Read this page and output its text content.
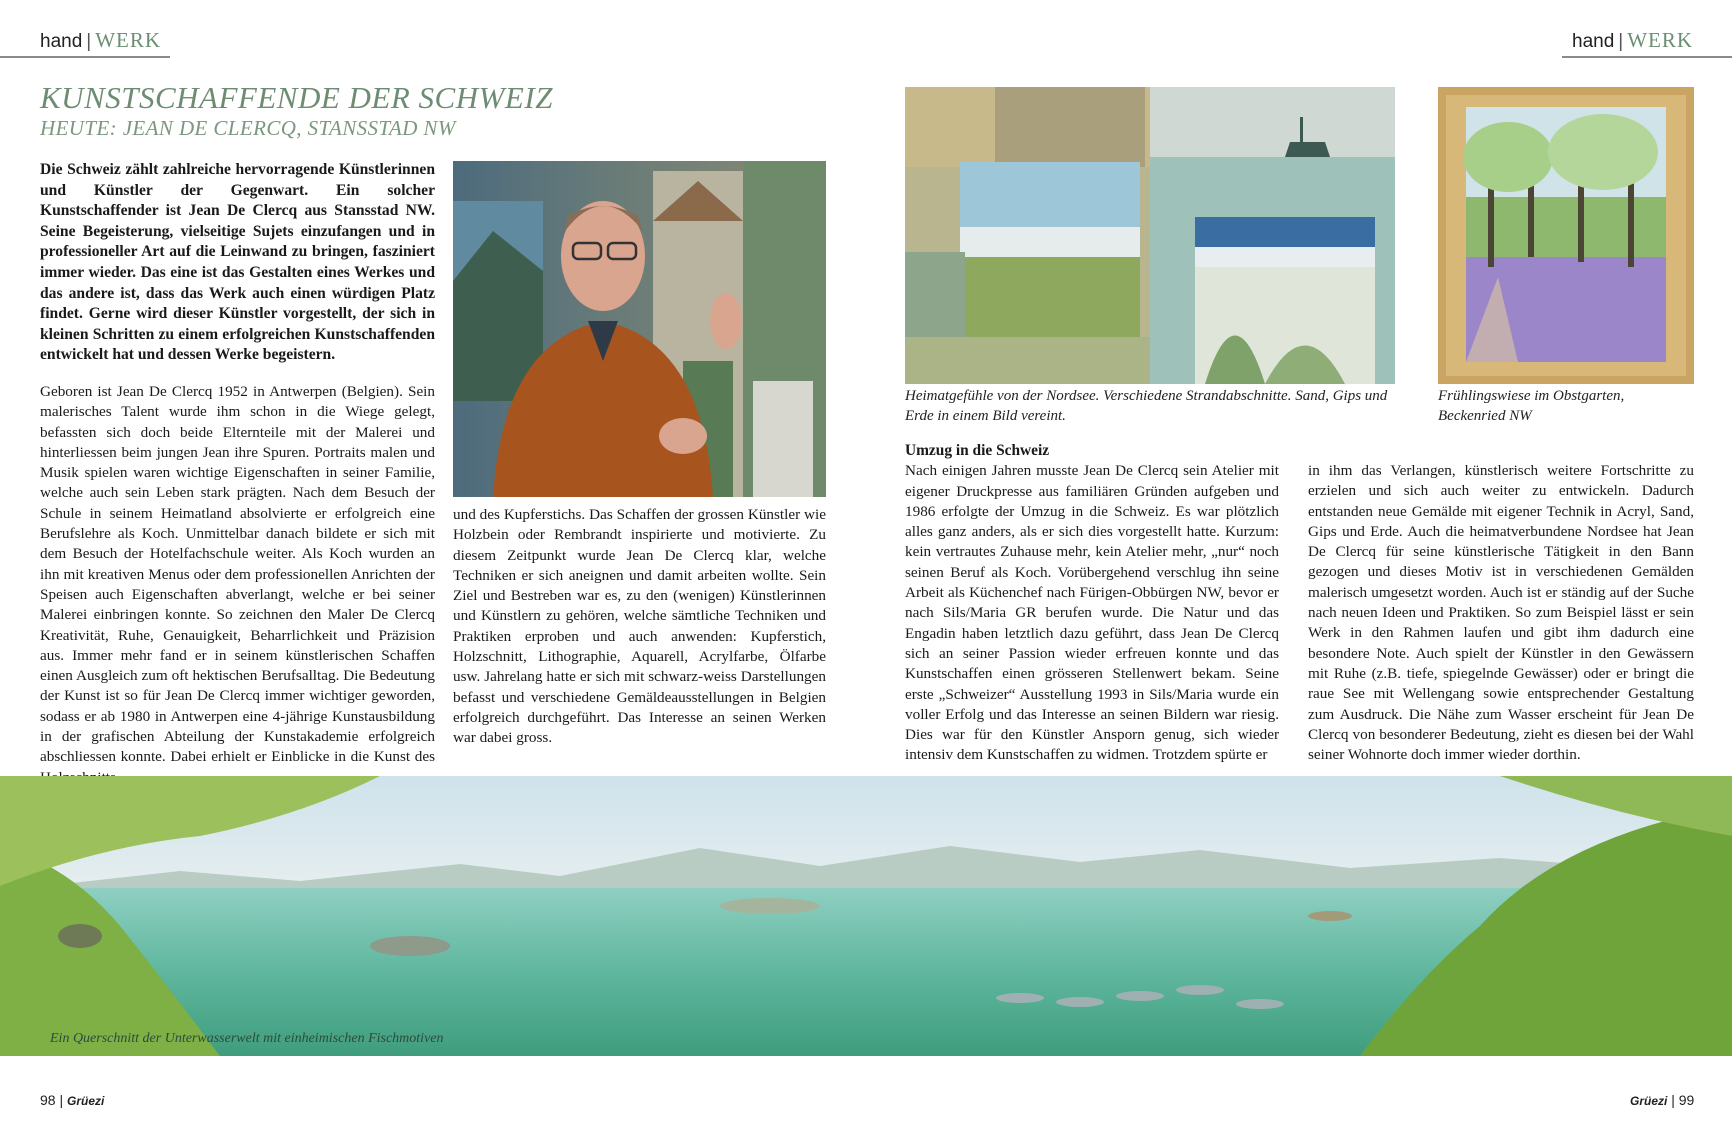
hand | WERK	hand | WERK
KUNSTSCHAFFENDE DER SCHWEIZ
HEUTE: JEAN DE CLERCQ, STANSSTAD NW
Die Schweiz zählt zahlreiche hervorragende Künstlerinnen und Künstler der Gegenwart. Ein solcher Kunstschaffender ist Jean De Clercq aus Stansstad NW. Seine Begeisterung, vielseitige Sujets einzufangen und in professioneller Art auf die Leinwand zu bringen, fasziniert immer wieder. Das eine ist das Gestalten eines Werkes und das andere ist, dass das Werk auch einen würdigen Platz findet. Gerne wird dieser Künstler vorgestellt, der sich in kleinen Schritten zu einem erfolgreichen Kunstschaffenden entwickelt hat und dessen Werke begeistern.
Geboren ist Jean De Clercq 1952 in Antwerpen (Belgien). Sein malerisches Talent wurde ihm schon in die Wiege gelegt, befassten sich doch beide Elternteile mit der Malerei und hinterliessen beim jungen Jean ihre Spuren. Portraits malen und Musik spielen waren wichtige Eigenschaften in seiner Familie, welche auch sein Leben stark prägten. Nach dem Besuch der Schule in seinem Heimatland absolvierte er erfolgreich eine Berufslehre als Koch. Unmittelbar danach bildete er sich mit dem Besuch der Hotelfachschule weiter. Als Koch wurden an ihn mit kreativen Menus oder dem professionellen Anrichten der Speisen auch Eigenschaften abverlangt, welche er bei seiner Malerei einbringen konnte. So zeichnen den Maler De Clercq Kreativität, Ruhe, Genauigkeit, Beharrlichkeit und Präzision aus. Immer mehr fand er in seinem künstlerischen Schaffen einen Ausgleich zum oft hektischen Berufsalltag. Die Bedeutung der Kunst ist so für Jean De Clercq immer wichtiger geworden, sodass er ab 1980 in Antwerpen eine 4-jährige Kunstausbildung in der grafischen Abteilung der Kunstakademie erfolgreich abschliessen konnte. Dabei erhielt er Einblicke in die Kunst des
und des Kupferstichs. Das Schaffen der grossen Künstler wie Holzbein oder Rembrandt inspirierte und motivierte. Zu diesem Zeitpunkt wurde Jean De Clercq klar, welche Techniken er sich aneignen und damit arbeiten wollte. Sein Ziel und Bestreben war es, zu den (wenigen) Künstlerinnen und Künstlern zu gehören, welche sämtliche Techniken und Praktiken erproben und auch anwenden: Kupferstich, Holzschnitt, Lithographie, Aquarell, Acrylfarbe, Ölfarbe usw. Jahrelang hatte er sich mit schwarz-weiss Darstellungen befasst und verschiedene Gemäldeausstellungen in Belgien erfolgreich durchgeführt. Das Interesse an seinen Werken war dabei gross.
Heimatgefühle von der Nordsee. Verschiedene Strandabschnitte. Sand, Gips und Erde in einem Bild vereint.
Frühlingswiese im Obstgarten, Beckenried NW
Umzug in die Schweiz
Nach einigen Jahren musste Jean De Clercq sein Atelier mit eigener Druckpresse aus familiären Gründen aufgeben und 1986 erfolgte der Umzug in die Schweiz. Es war plötzlich alles ganz anders, als er sich dies vorgestellt hatte. Kurzum: kein vertrautes Zuhause mehr, kein Atelier mehr, „nur“ noch seinen Beruf als Koch. Vorübergehend verschlug ihn seine Arbeit als Küchenchef nach Fürigen-Obbürgen NW, bevor er nach Sils/Maria GR berufen wurde. Die Natur und das Engadin haben letztlich dazu geführt, dass Jean De Clercq sich an seiner Passion wieder erfreuen konnte und das Kunstschaffen einen grösseren Stellenwert bekam. Seine erste „Schweizer“ Ausstellung 1993 in Sils/Maria wurde ein voller Erfolg und das Interesse an seinen Bildern war riesig. Dies war für den Künstler Ansporn genug, sich wieder intensiv dem Kunstschaffen zu widmen. Trotzdem spürte er
in ihm das Verlangen, künstlerisch weitere Fortschritte zu erzielen und sich auch weiter zu entwickeln. Dadurch entstanden neue Gemälde mit eigener Technik in Acryl, Sand, Gips und Erde. Auch die heimatverbundene Nordsee hat Jean De Clercq für seine künstlerische Tätigkeit in den Bann gezogen und dieses Motiv ist in verschiedenen Gemälden malerisch umgesetzt worden. Auch ist er ständig auf der Suche nach neuen Ideen und Praktiken. So zum Beispiel lässt er sein Werk in den Rahmen laufen und gibt ihm dadurch eine besondere Note. Auch spielt der Künstler in den Gewässern mit Ruhe (z.B. tiefe, spiegelnde Gewässer) oder er bringt die raue See mit Wellengang sowie entsprechender Gestaltung zum Ausdruck. Die Nähe zum Wasser erscheint für Jean De Clercq von besonderer Bedeutung, zieht es diesen bei der Wahl seiner Wohnorte doch immer wieder dorthin.
Ein Querschnitt der Unterwasserwelt mit einheimischen Fischmotiven
98 | Grüezi	Grüezi | 99
